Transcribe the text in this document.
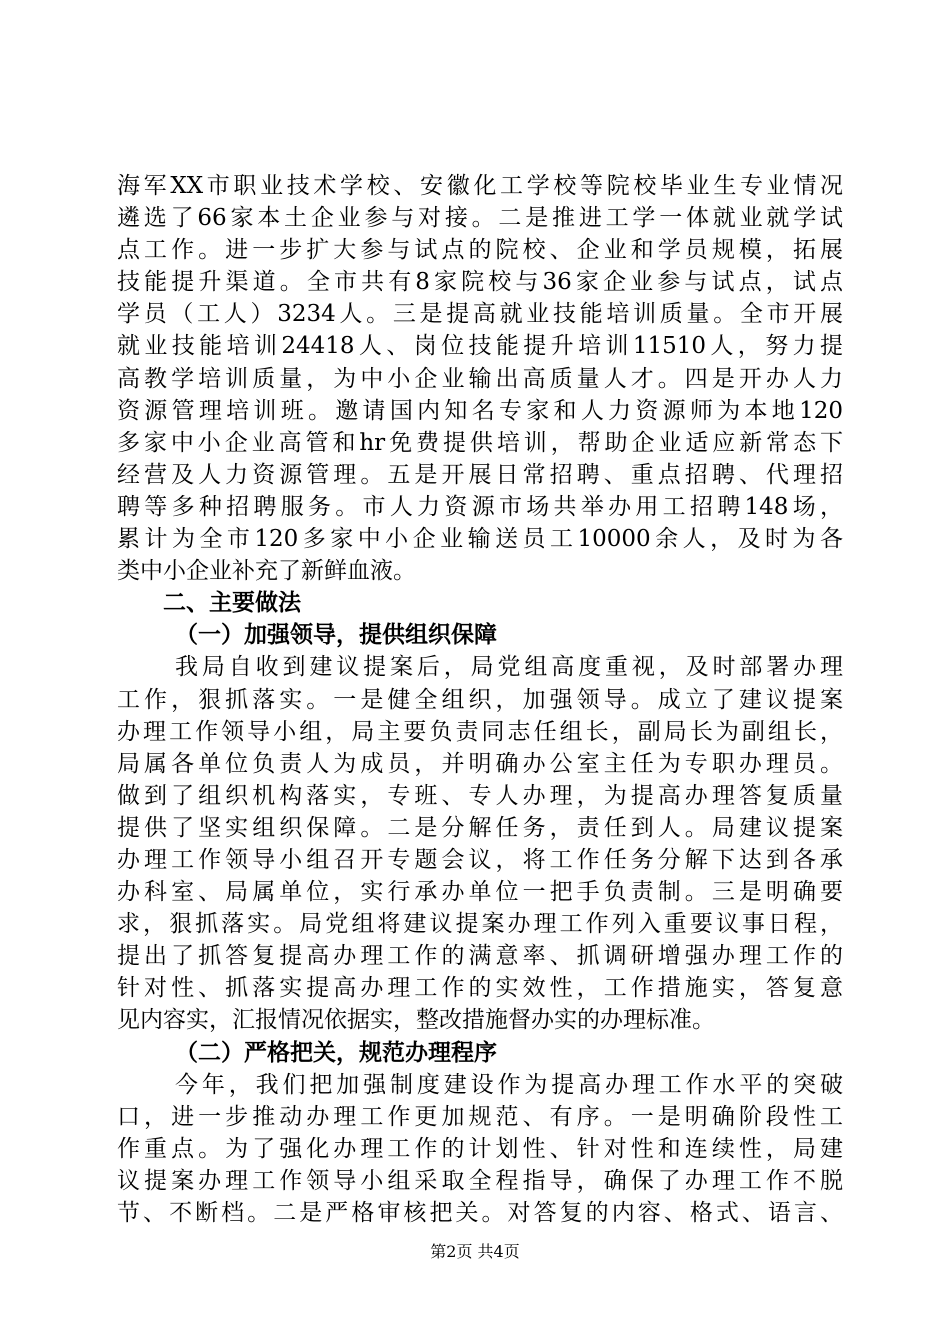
海军XX市职业技术学校、安徽化工学校等院校毕业生专业情况
遴选了66家本土企业参与对接。二是推进工学一体就业就学试
点工作。进一步扩大参与试点的院校、企业和学员规模，拓展
技能提升渠道。全市共有8家院校与36家企业参与试点，试点
学员（工人）3234人。三是提高就业技能培训质量。全市开展
就业技能培训24418人、岗位技能提升培训11510人，努力提
高教学培训质量，为中小企业输出高质量人才。四是开办人力
资源管理培训班。邀请国内知名专家和人力资源师为本地120
多家中小企业高管和hr免费提供培训，帮助企业适应新常态下
经营及人力资源管理。五是开展日常招聘、重点招聘、代理招
聘等多种招聘服务。市人力资源市场共举办用工招聘148场，
累计为全市120多家中小企业输送员工10000余人，及时为各
类中小企业补充了新鲜血液。
二、主要做法
（一）加强领导，提供组织保障
我局自收到建议提案后，局党组高度重视，及时部署办理
工作，狠抓落实。一是健全组织，加强领导。成立了建议提案
办理工作领导小组，局主要负责同志任组长，副局长为副组长，
局属各单位负责人为成员，并明确办公室主任为专职办理员。
做到了组织机构落实，专班、专人办理，为提高办理答复质量
提供了坚实组织保障。二是分解任务，责任到人。局建议提案
办理工作领导小组召开专题会议，将工作任务分解下达到各承
办科室、局属单位，实行承办单位一把手负责制。三是明确要
求，狠抓落实。局党组将建议提案办理工作列入重要议事日程，
提出了抓答复提高办理工作的满意率、抓调研增强办理工作的
针对性、抓落实提高办理工作的实效性，工作措施实，答复意
见内容实，汇报情况依据实，整改措施督办实的办理标准。
（二）严格把关，规范办理程序
今年，我们把加强制度建设作为提高办理工作水平的突破
口，进一步推动办理工作更加规范、有序。一是明确阶段性工
作重点。为了强化办理工作的计划性、针对性和连续性，局建
议提案办理工作领导小组采取全程指导，确保了办理工作不脱
节、不断档。二是严格审核把关。对答复的内容、格式、语言、
第2页 共4页
